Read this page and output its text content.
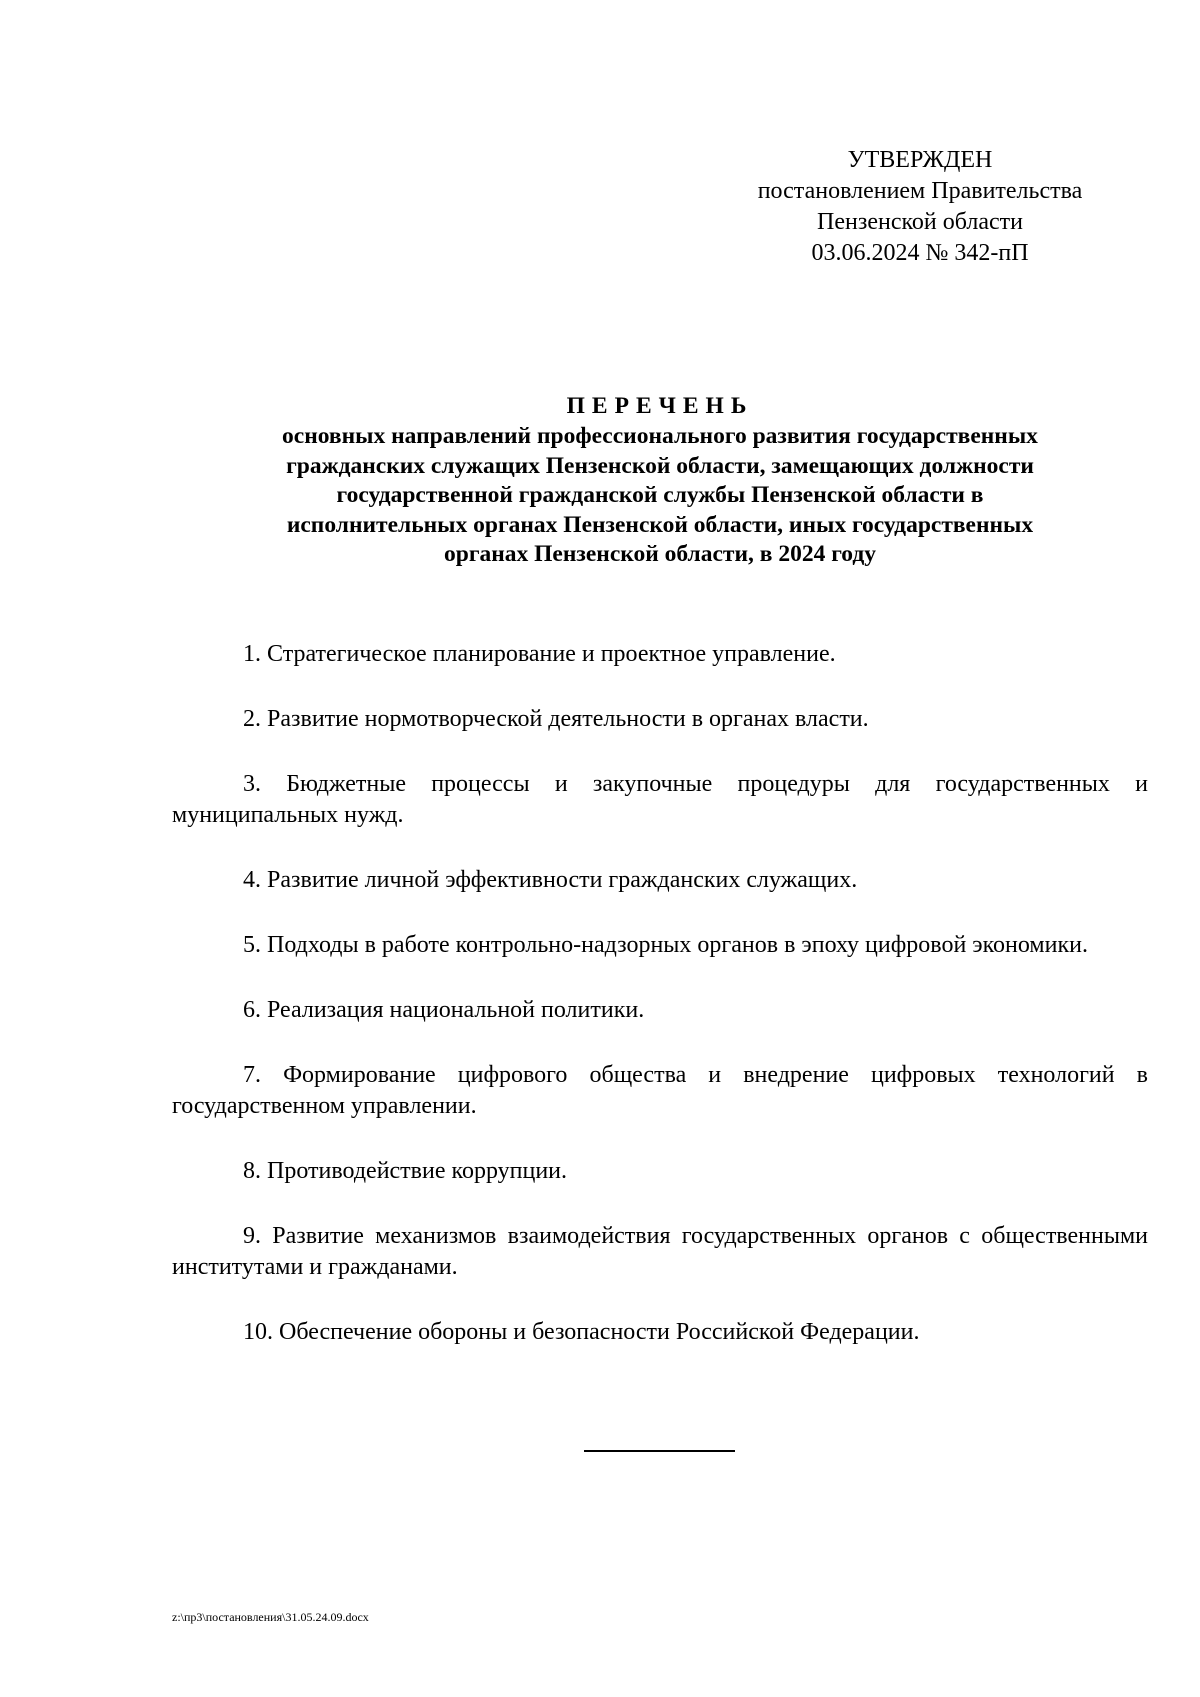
УТВЕРЖДЕН
постановлением Правительства
Пензенской области
03.06.2024 № 342-пП
ПЕРЕЧЕНЬ
основных направлений профессионального развития государственных
гражданских служащих Пензенской области, замещающих должности
государственной гражданской службы Пензенской области в
исполнительных органах Пензенской области, иных государственных
органах Пензенской области, в 2024 году

1. Стратегическое планирование и проектное управление.

2. Развитие нормотворческой деятельности в органах власти.

3. Бюджетные процессы и закупочные процедуры для государственных и муниципальных нужд.

4. Развитие личной эффективности гражданских служащих.

5. Подходы в работе контрольно-надзорных органов в эпоху цифровой экономики.

6. Реализация национальной политики.

7. Формирование цифрового общества и внедрение цифровых технологий в государственном управлении.

8. Противодействие коррупции.

9. Развитие механизмов взаимодействия государственных органов с общественными институтами и гражданами.

10. Обеспечение обороны и безопасности Российской Федерации.

z:\пр3\постановления\31.05.24.09.docx
